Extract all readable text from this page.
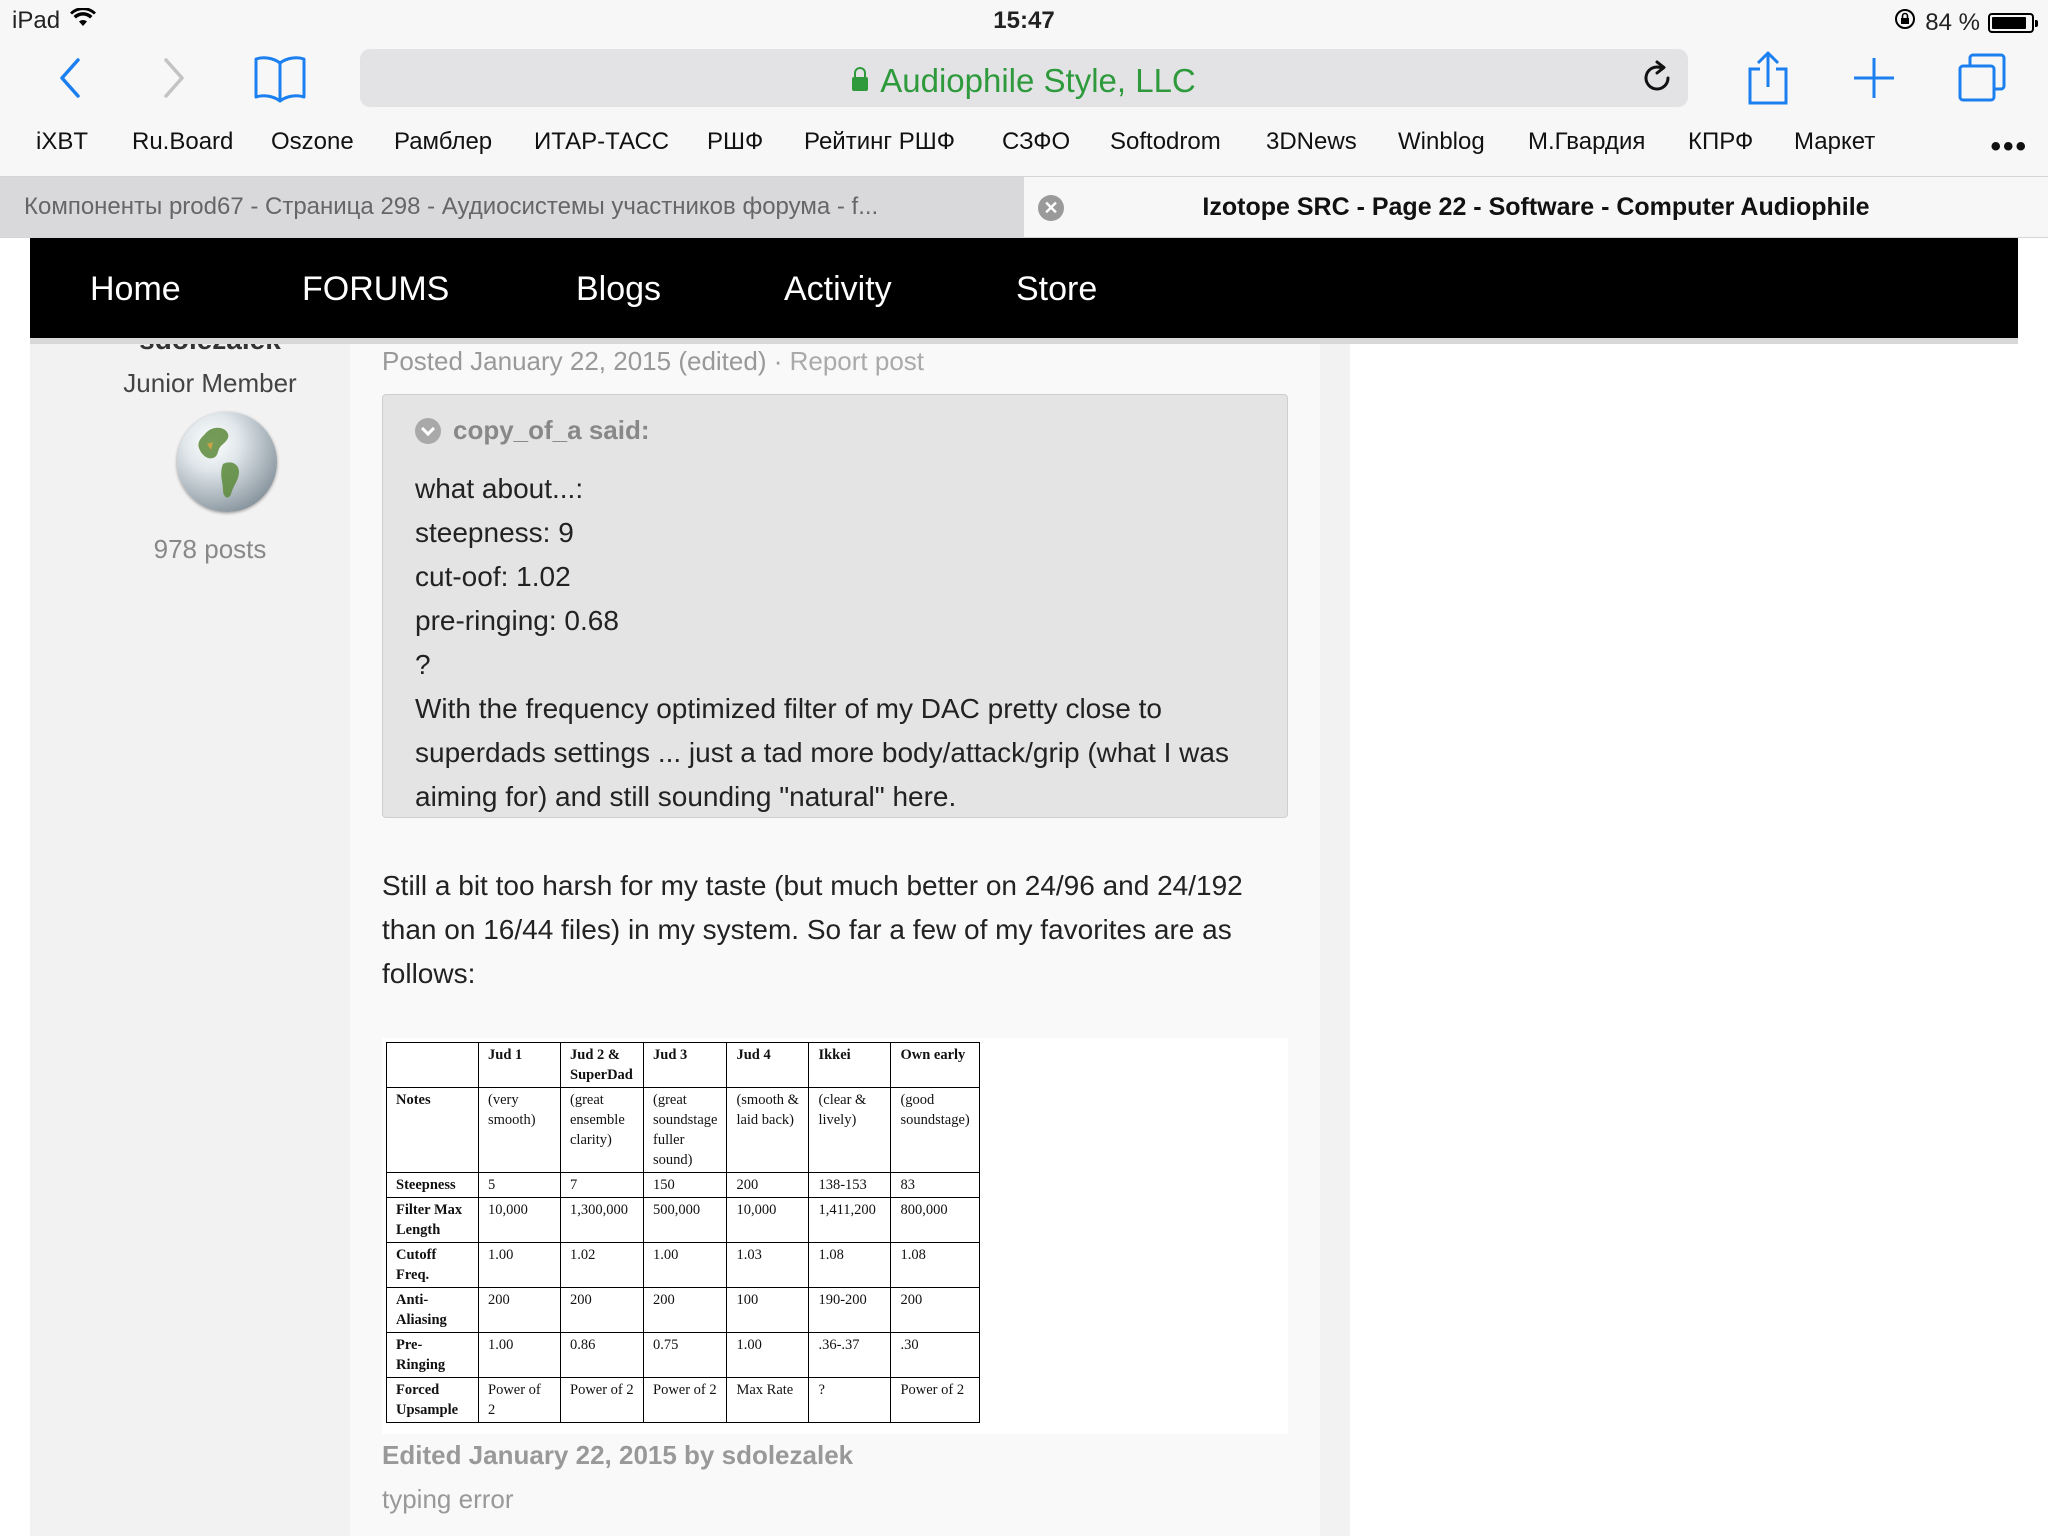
iPad	15:47	84 %
Audiophile Style, LLC
iXBT Ru.Board Oszone Рамблер ИТАР-ТАСС РШФ Рейтинг РШФ СЗФО Softodrom 3DNews Winblog М.Гвардия КПРФ Маркет	•••
Компоненты prod67 - Страница 298 - Аудиосистемы участников форума - f...	✕	Izotope SRC - Page 22 - Software - Computer Audiophile
Junior Member
978 posts
Posted January 22, 2015 (edited) · Report post
copy_of_a said:
what about...:
steepness: 9
cut-oof: 1.02
pre-ringing: 0.68
?
With the frequency optimized filter of my DAC pretty close to superdads settings ... just a tad more body/attack/grip (what I was aiming for) and still sounding "natural" here.
Still a bit too harsh for my taste (but much better on 24/96 and 24/192 than on 16/44 files) in my system. So far a few of my favorites are as follows:
	Jud 1	Jud 2 & SuperDad	Jud 3	Jud 4	Ikkei	Own early
Notes	(very smooth)	(great ensemble clarity)	(great soundstage fuller sound)	(smooth & laid back)	(clear & lively)	(good soundstage)
Steepness	5	7	150	200	138-153	83
Filter Max Length	10,000	1,300,000	500,000	10,000	1,411,200	800,000
Cutoff Freq.	1.00	1.02	1.00	1.03	1.08	1.08
Anti-Aliasing	200	200	200	100	190-200	200
Pre-Ringing	1.00	0.86	0.75	1.00	.36-.37	.30
Forced Upsample	Power of 2	Power of 2	Power of 2	Max Rate	?	Power of 2
Edited January 22, 2015 by sdolezalek
typing error
Home	FORUMS	Blogs	Activity	Store
